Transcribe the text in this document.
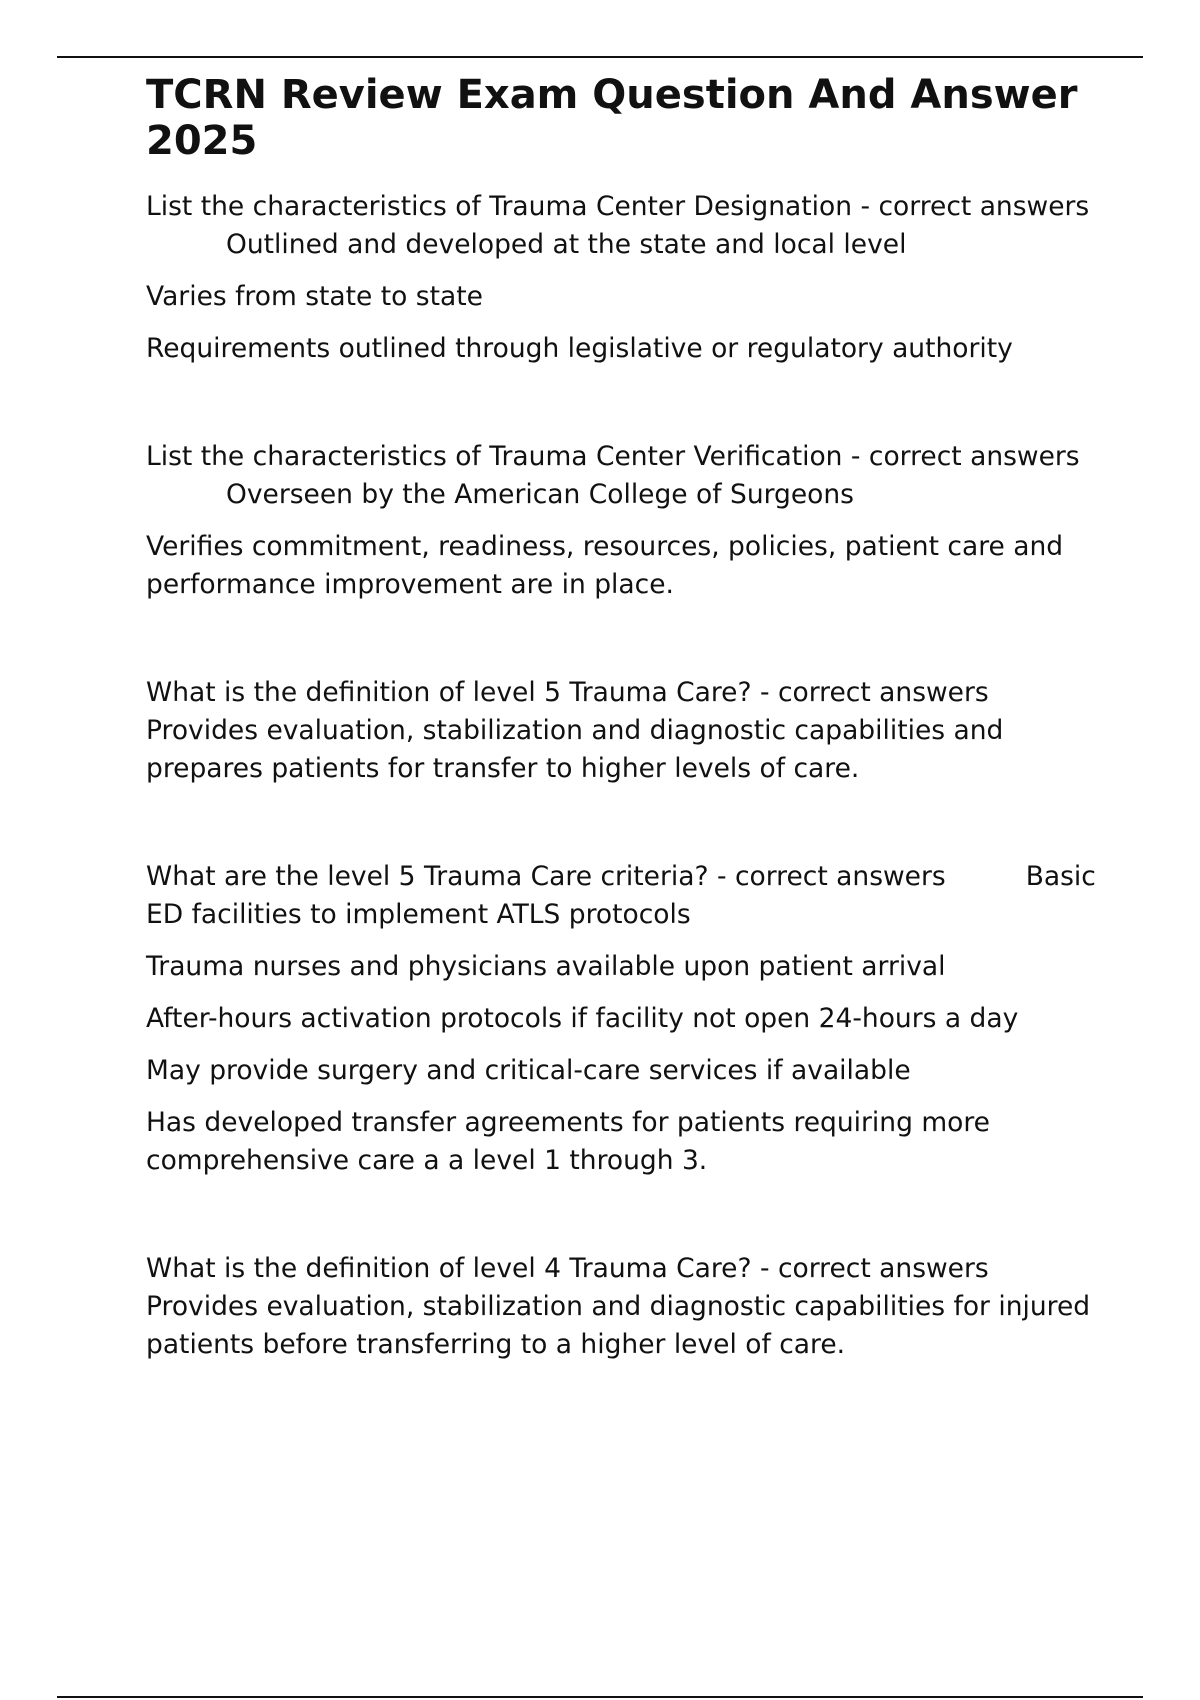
TCRN Review Exam Question And Answer 2025

List the characteristics of Trauma Center Designation - correct answersOutlined and developed at the state and local level

Varies from state to state

Requirements outlined through legislative or regulatory authority

List the characteristics of Trauma Center Verification - correct answersOverseen by the American College of Surgeons

Verifies commitment, readiness, resources, policies, patient care and performance improvement are in place.

What is the definition of level 5 Trauma Care? - correct answersProvides evaluation, stabilization and diagnostic capabilities and prepares patients for transfer to higher levels of care.

What are the level 5 Trauma Care criteria? - correct answers	Basic ED facilities to implement ATLS protocols

Trauma nurses and physicians available upon patient arrival

After-hours activation protocols if facility not open 24-hours a day

May provide surgery and critical-care services if available

Has developed transfer agreements for patients requiring more comprehensive care a a level 1 through 3.

What is the definition of level 4 Trauma Care? - correct answersProvides evaluation, stabilization and diagnostic capabilities for injured patients before transferring to a higher level of care.
